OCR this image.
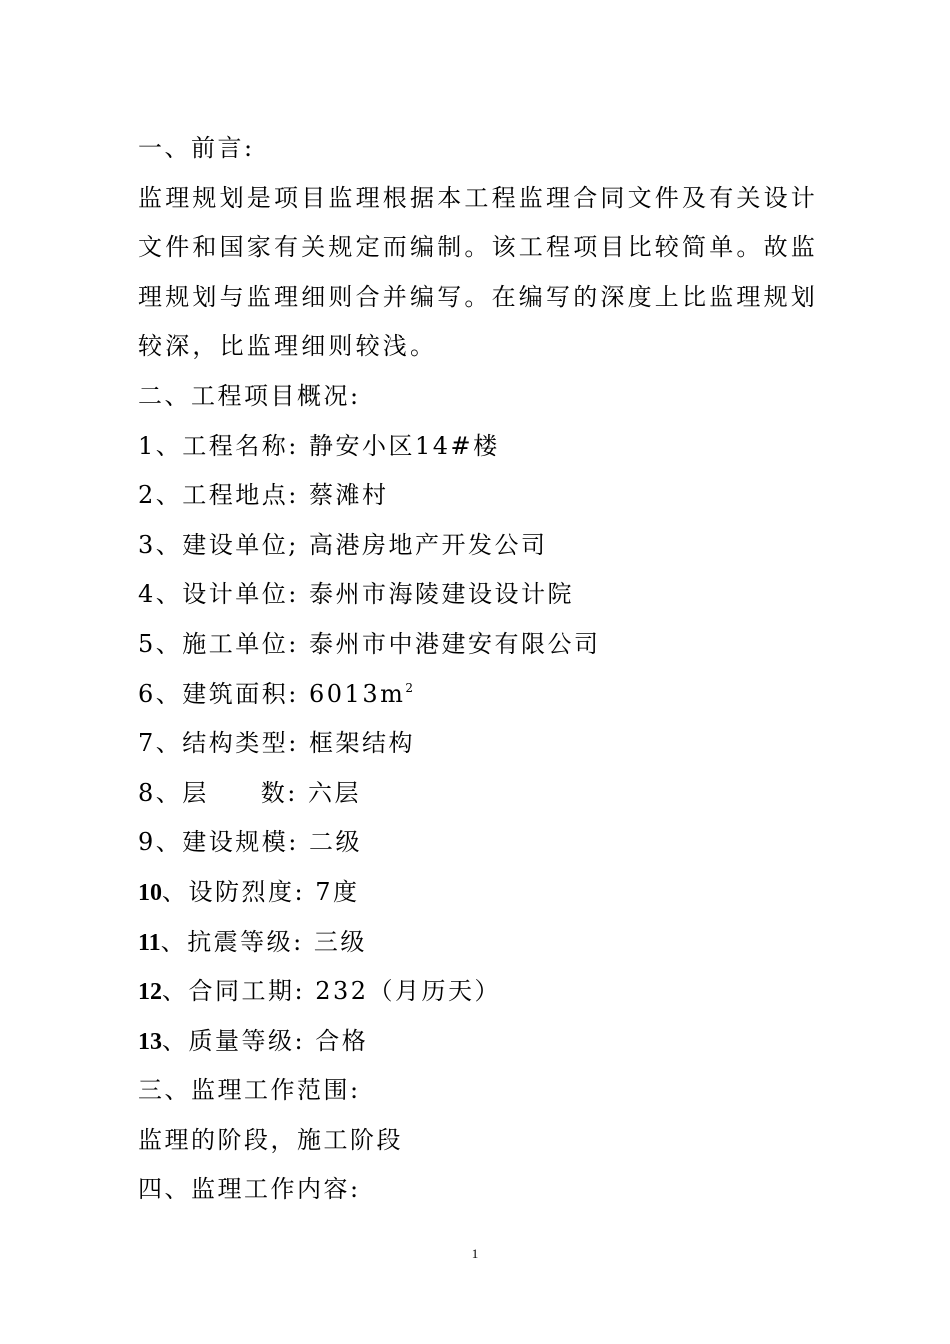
一、前言:
监理规划是项目监理根据本工程监理合同文件及有关设计文件和国家有关规定而编制。该工程项目比较简单。故监理规划与监理细则合并编写。在编写的深度上比监理规划较深，比监理细则较浅。
二、工程项目概况:
1、工程名称: 静安小区14#楼
2、工程地点: 蔡滩村
3、建设单位; 高港房地产开发公司
4、设计单位: 泰州市海陵建设设计院
5、施工单位: 泰州市中港建安有限公司
6、建筑面积: $6013m^2$
7、结构类型: 框架结构
8、层 数: 六层
9、建设规模: 二级
10、设防烈度: 7度
11、抗震等级: 三级
12、合同工期: 232（月历天）
13、质量等级: 合格
三、监理工作范围:
监理的阶段，施工阶段
四、监理工作内容:
1
